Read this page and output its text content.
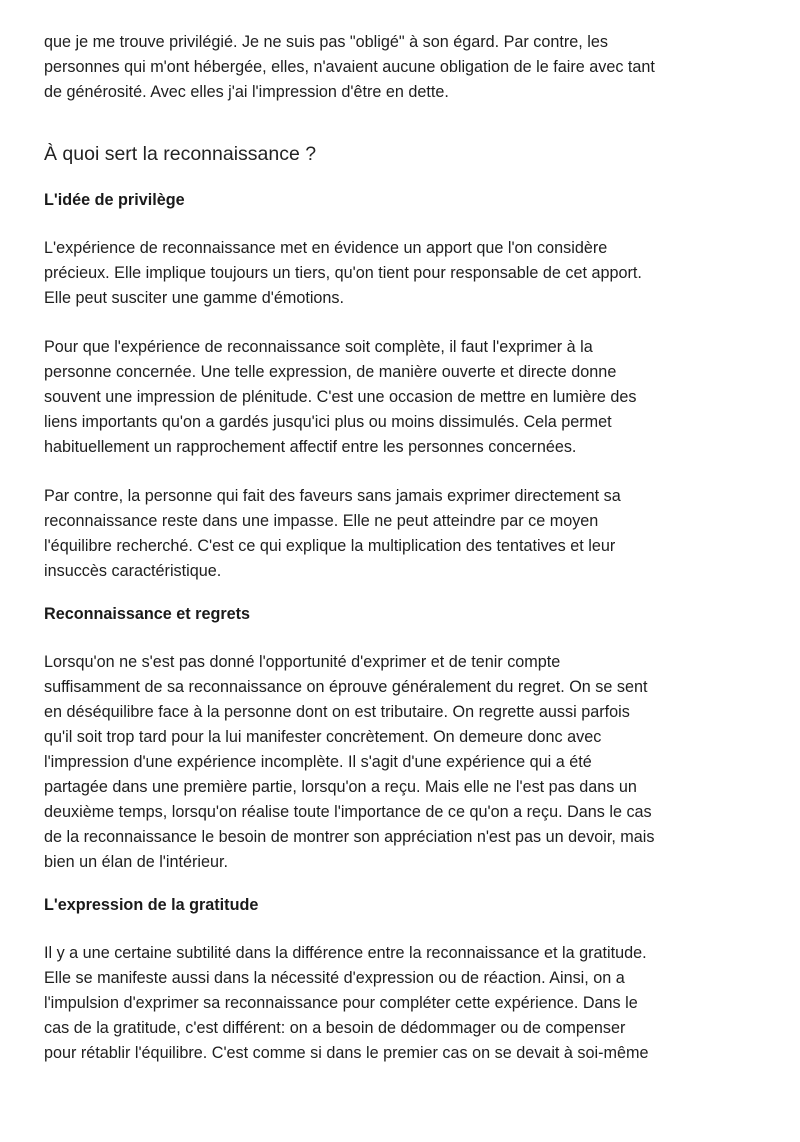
que je me trouve privilégié. Je ne suis pas "obligé" à son égard. Par contre, les
personnes qui m'ont hébergée, elles, n'avaient aucune obligation de le faire avec tant
de générosité. Avec elles j'ai l'impression d'être en dette.

À quoi sert la reconnaissance ?
L'idée de privilège

L'expérience de reconnaissance met en évidence un apport que l'on considère
précieux. Elle implique toujours un tiers, qu'on tient pour responsable de cet apport.
Elle peut susciter une gamme d'émotions.

Pour que l'expérience de reconnaissance soit complète, il faut l'exprimer à la
personne concernée. Une telle expression, de manière ouverte et directe donne
souvent une impression de plénitude. C'est une occasion de mettre en lumière des
liens importants qu'on a gardés jusqu'ici plus ou moins dissimulés. Cela permet
habituellement un rapprochement affectif entre les personnes concernées.

Par contre, la personne qui fait des faveurs sans jamais exprimer directement sa
reconnaissance reste dans une impasse. Elle ne peut atteindre par ce moyen
l'équilibre recherché. C'est ce qui explique la multiplication des tentatives et leur
insuccès caractéristique.

Reconnaissance et regrets

Lorsqu'on ne s'est pas donné l'opportunité d'exprimer et de tenir compte
suffisamment de sa reconnaissance on éprouve généralement du regret. On se sent
en déséquilibre face à la personne dont on est tributaire. On regrette aussi parfois
qu'il soit trop tard pour la lui manifester concrètement. On demeure donc avec
l'impression d'une expérience incomplète. Il s'agit d'une expérience qui a été
partagée dans une première partie, lorsqu'on a reçu. Mais elle ne l'est pas dans un
deuxième temps, lorsqu'on réalise toute l'importance de ce qu'on a reçu. Dans le cas
de la reconnaissance le besoin de montrer son appréciation n'est pas un devoir, mais
bien un élan de l'intérieur.

L'expression de la gratitude

Il y a une certaine subtilité dans la différence entre la reconnaissance et la gratitude.
Elle se manifeste aussi dans la nécessité d'expression ou de réaction. Ainsi, on a
l'impulsion d'exprimer sa reconnaissance pour compléter cette expérience. Dans le
cas de la gratitude, c'est différent: on a besoin de dédommager ou de compenser
pour rétablir l'équilibre. C'est comme si dans le premier cas on se devait à soi-même
